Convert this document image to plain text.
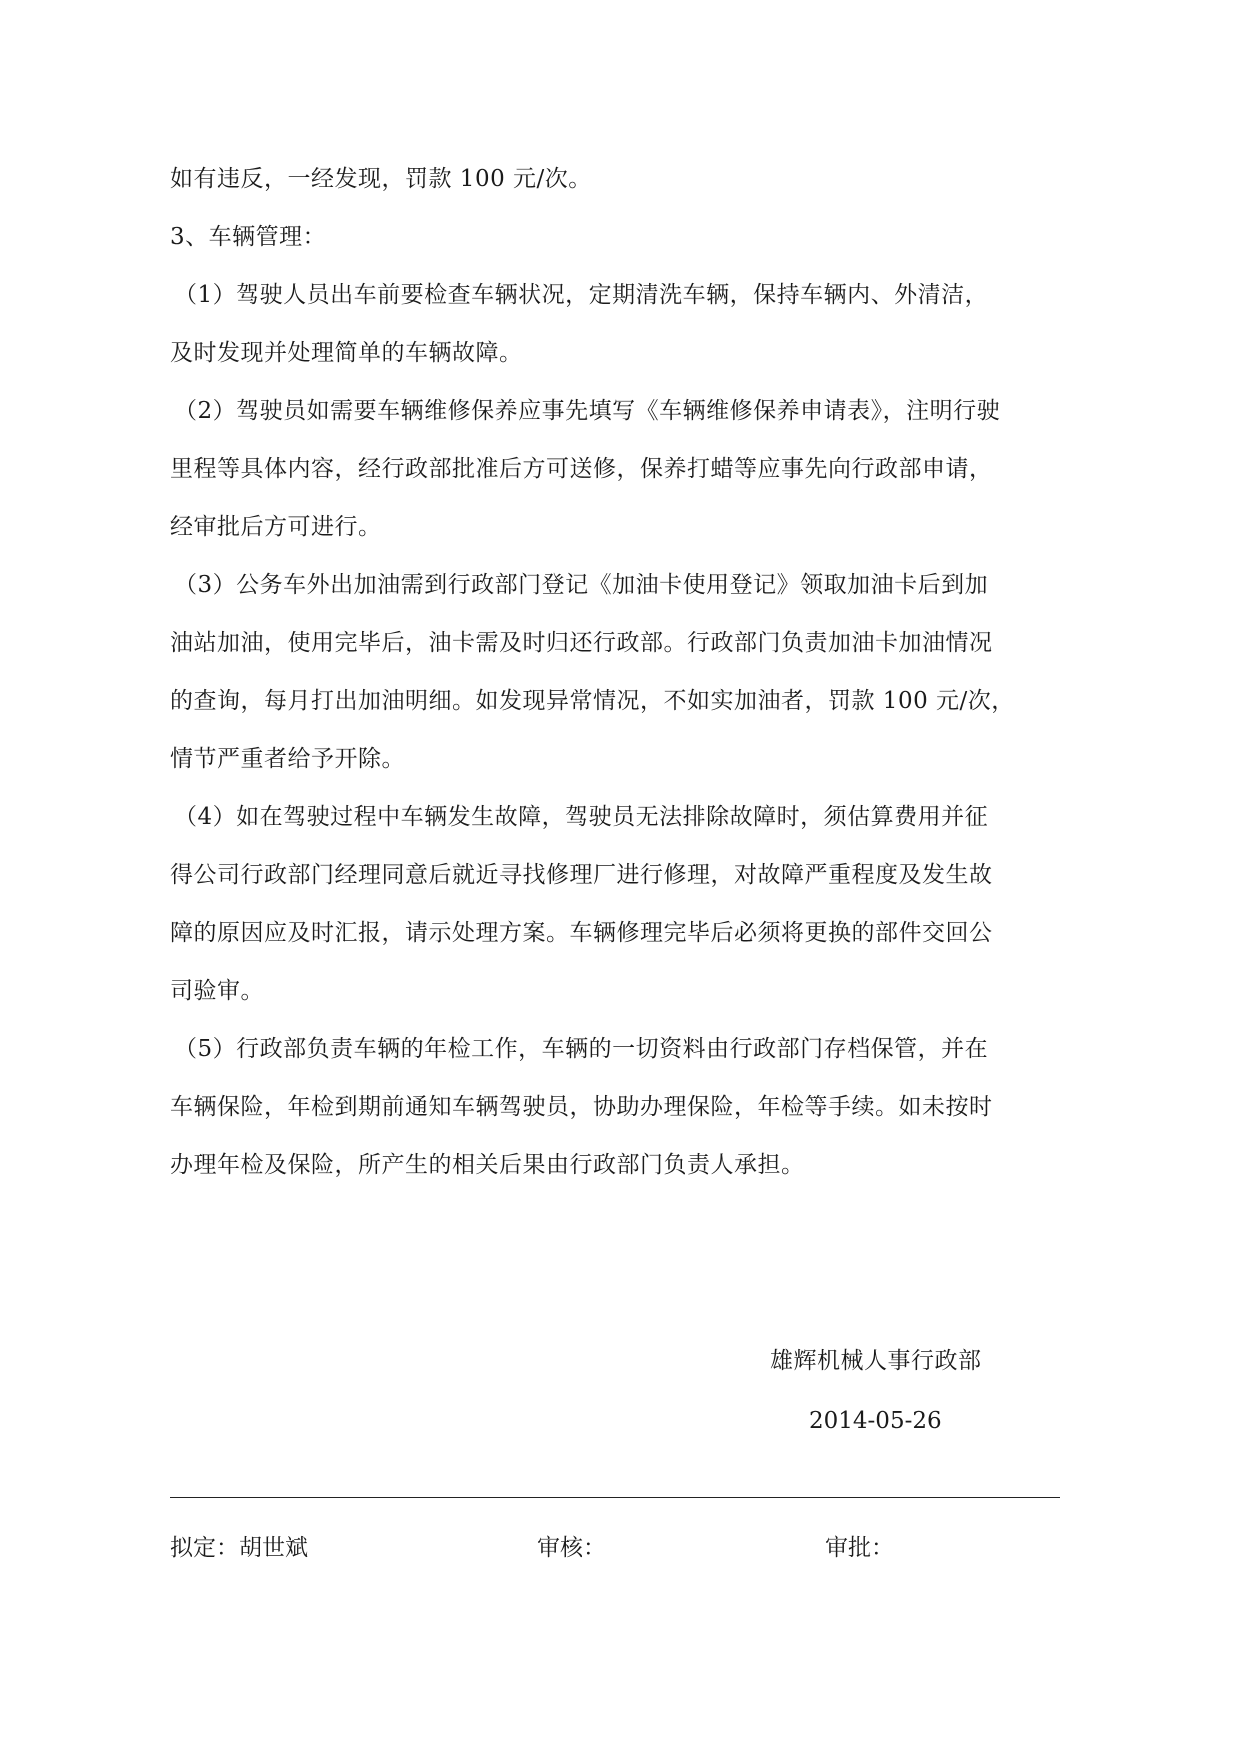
如有违反，一经发现，罚款 100 元/次。
3、车辆管理：
（1）驾驶人员出车前要检查车辆状况，定期清洗车辆，保持车辆内、外清洁，
及时发现并处理简单的车辆故障。
（2）驾驶员如需要车辆维修保养应事先填写《车辆维修保养申请表》，注明行驶
里程等具体内容，经行政部批准后方可送修，保养打蜡等应事先向行政部申请，
经审批后方可进行。
（3）公务车外出加油需到行政部门登记《加油卡使用登记》领取加油卡后到加
油站加油，使用完毕后，油卡需及时归还行政部。行政部门负责加油卡加油情况
的查询，每月打出加油明细。如发现异常情况，不如实加油者，罚款 100 元/次，
情节严重者给予开除。
（4）如在驾驶过程中车辆发生故障，驾驶员无法排除故障时，须估算费用并征
得公司行政部门经理同意后就近寻找修理厂进行修理，对故障严重程度及发生故
障的原因应及时汇报，请示处理方案。车辆修理完毕后必须将更换的部件交回公
司验审。
（5）行政部负责车辆的年检工作，车辆的一切资料由行政部门存档保管，并在
车辆保险，年检到期前通知车辆驾驶员，协助办理保险，年检等手续。如未按时
办理年检及保险，所产生的相关后果由行政部门负责人承担。
雄辉机械人事行政部
2014-05-26
拟定：胡世斌	审核：	审批：
